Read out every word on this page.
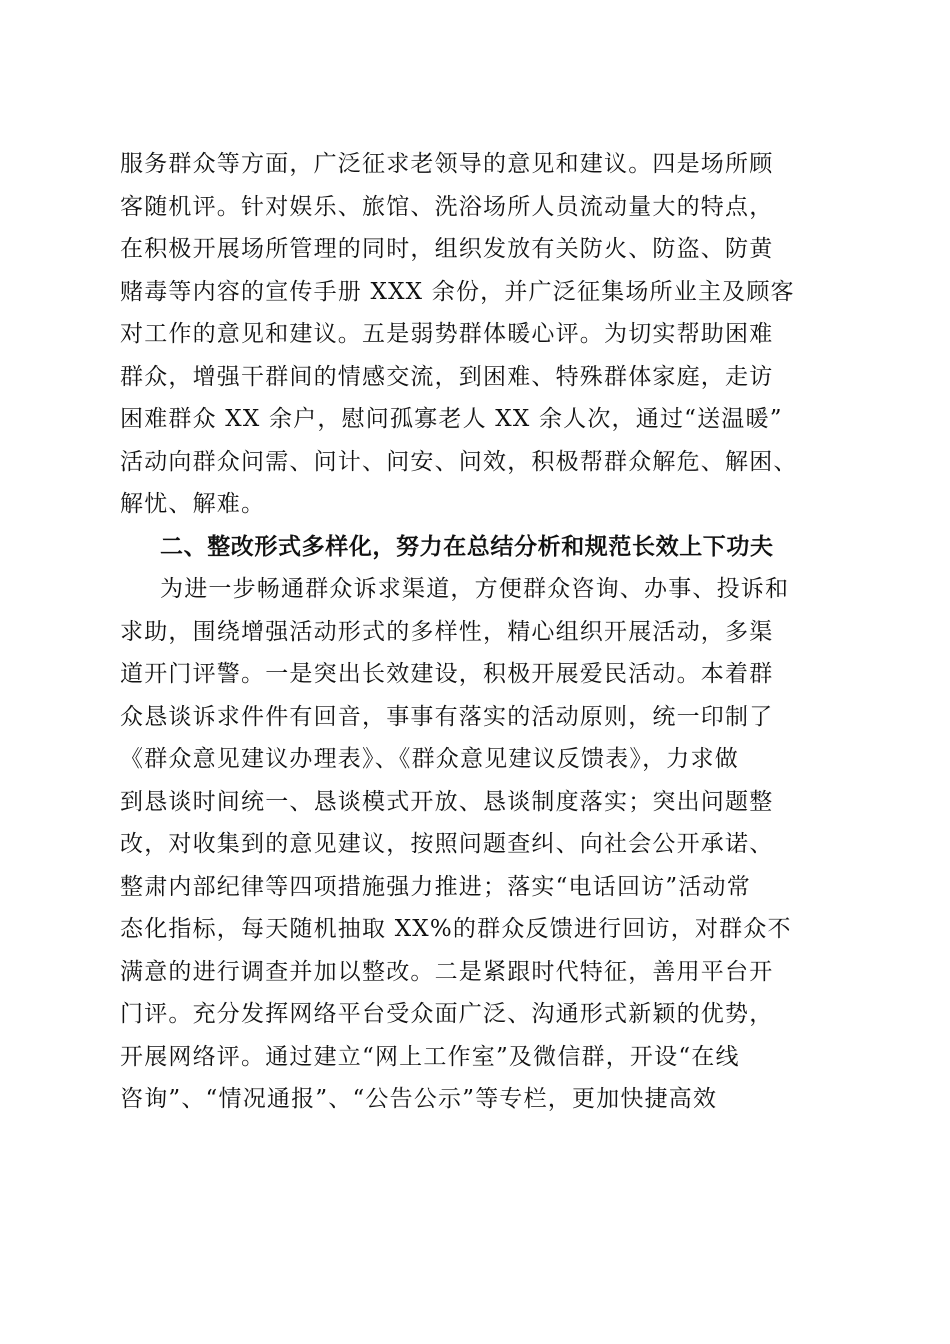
服务群众等方面，广泛征求老领导的意见和建议。四是场所顾
客随机评。针对娱乐、旅馆、洗浴场所人员流动量大的特点，
在积极开展场所管理的同时，组织发放有关防火、防盗、防黄
赌毒等内容的宣传手册 XXX 余份，并广泛征集场所业主及顾客
对工作的意见和建议。五是弱势群体暖心评。为切实帮助困难
群众，增强干群间的情感交流，到困难、特殊群体家庭，走访
困难群众 XX 余户，慰问孤寡老人 XX 余人次，通过“送温暖”
活动向群众问需、问计、问安、问效，积极帮群众解危、解困、
解忧、解难。
二、整改形式多样化，努力在总结分析和规范长效上下功夫
为进一步畅通群众诉求渠道，方便群众咨询、办事、投诉和
求助，围绕增强活动形式的多样性，精心组织开展活动，多渠
道开门评警。一是突出长效建设，积极开展爱民活动。本着群
众恳谈诉求件件有回音，事事有落实的活动原则，统一印制了
《群众意见建议办理表》、《群众意见建议反馈表》，力求做
到恳谈时间统一、恳谈模式开放、恳谈制度落实；突出问题整
改，对收集到的意见建议，按照问题查纠、向社会公开承诺、
整肃内部纪律等四项措施强力推进；落实“电话回访”活动常
态化指标，每天随机抽取 XX%的群众反馈进行回访，对群众不
满意的进行调查并加以整改。二是紧跟时代特征，善用平台开
门评。充分发挥网络平台受众面广泛、沟通形式新颖的优势，
开展网络评。通过建立“网上工作室”及微信群，开设“在线
咨询”、“情况通报”、“公告公示”等专栏，更加快捷高效
